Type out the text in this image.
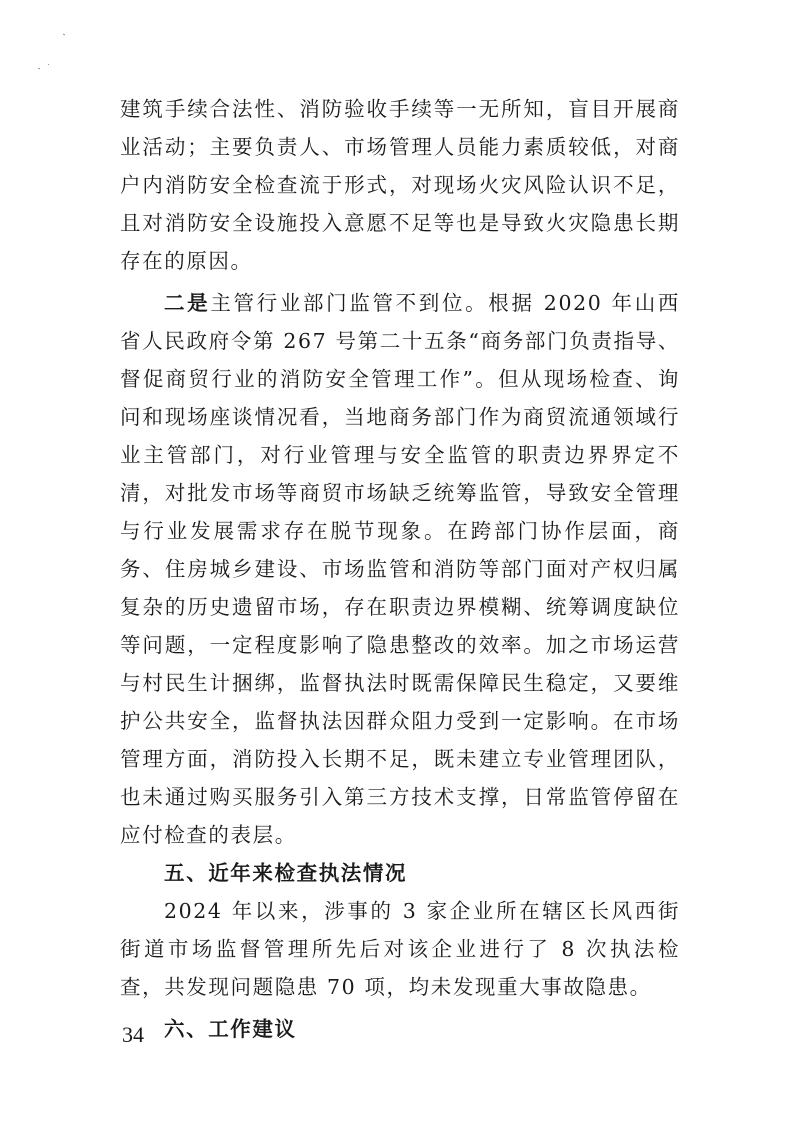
建筑手续合法性、消防验收手续等一无所知，盲目开展商业活动；主要负责人、市场管理人员能力素质较低，对商户内消防安全检查流于形式，对现场火灾风险认识不足，且对消防安全设施投入意愿不足等也是导致火灾隐患长期存在的原因。

二是主管行业部门监管不到位。根据 2020 年山西省人民政府令第 267 号第二十五条“商务部门负责指导、督促商贸行业的消防安全管理工作”。但从现场检查、询问和现场座谈情况看，当地商务部门作为商贸流通领域行业主管部门，对行业管理与安全监管的职责边界界定不清，对批发市场等商贸市场缺乏统筹监管，导致安全管理与行业发展需求存在脱节现象。在跨部门协作层面，商务、住房城乡建设、市场监管和消防等部门面对产权归属复杂的历史遗留市场，存在职责边界模糊、统筹调度缺位等问题，一定程度影响了隐患整改的效率。加之市场运营与村民生计捆绑，监督执法时既需保障民生稳定，又要维护公共安全，监督执法因群众阻力受到一定影响。在市场管理方面，消防投入长期不足，既未建立专业管理团队，也未通过购买服务引入第三方技术支撑，日常监管停留在应付检查的表层。

五、近年来检查执法情况

2024 年以来，涉事的 3 家企业所在辖区长风西街街道市场监督管理所先后对该企业进行了 8 次执法检查，共发现问题隐患 70 项，均未发现重大事故隐患。

六、工作建议
34
